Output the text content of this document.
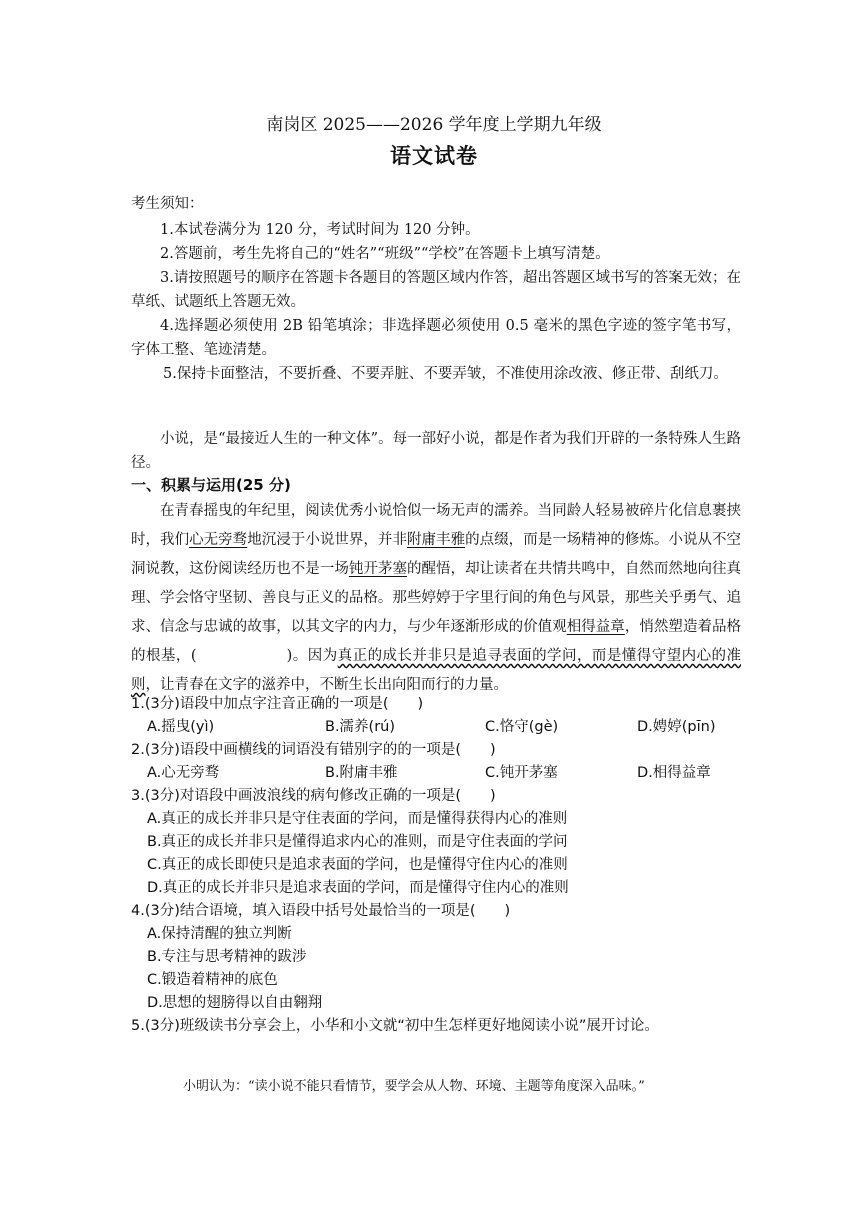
南岗区 2025——2026 学年度上学期九年级
语文试卷
考生须知：
1.本试卷满分为 120 分，考试时间为 120 分钟。
2.答题前，考生先将自己的“姓名”“班级”“学校”在答题卡上填写清楚。
3.请按照题号的顺序在答题卡各题目的答题区域内作答，超出答题区域书写的答案无效；在草纸、试题纸上答题无效。
4.选择题必须使用 2B 铅笔填涂；非选择题必须使用 0.5 毫米的黑色字迹的签字笔书写，字体工整、笔迹清楚。
5.保持卡面整洁，不要折叠、不要弄脏、不要弄皱，不准使用涂改液、修正带、刮纸刀。
小说，是“最接近人生的一种文体”。每一部好小说，都是作者为我们开辟的一条特殊人生路径。
一、积累与运用(25 分)
在青春摇曳的年纪里，阅读优秀小说恰似一场无声的濡养。当同龄人轻易被碎片化信息裹挟时，我们心无旁骛地沉浸于小说世界，并非附庸丰雅的点缀，而是一场精神的修炼。小说从不空洞说教，这份阅读经历也不是一场钝开茅塞的醒悟，却让读者在共情共鸣中，自然而然地向往真理、学会恪守坚韧、善良与正义的品格。那些婷婷于字里行间的角色与风景，那些关乎勇气、追求、信念与忠诚的故事，以其文字的内力，与少年逐渐形成的价值观相得益章，悄然塑造着品格的根基，(　　　　　　)。因为真正的成长并非只是追寻表面的学问，而是懂得守望内心的准则，让青春在文字的滋养中，不断生长出向阳而行的力量。
1.(3分)语段中加点字注音正确的一项是(　　)
A.摇曳(yì)	B.濡养(rú)	C.恪守(gè)	D.娉婷(pīn)
2.(3分)语段中画横线的词语没有错别字的的一项是(　　)
A.心无旁骛	B.附庸丰雅	C.钝开茅塞	D.相得益章
3.(3分)对语段中画波浪线的病句修改正确的一项是(　　)
A.真正的成长并非只是守住表面的学问，而是懂得获得内心的准则
B.真正的成长并非只是懂得追求内心的准则，而是守住表面的学问
C.真正的成长即使只是追求表面的学问，也是懂得守住内心的准则
D.真正的成长并非只是追求表面的学问，而是懂得守住内心的准则
4.(3分)结合语境，填入语段中括号处最恰当的一项是(　　)
A.保持清醒的独立判断
B.专注与思考精神的跋涉
C.锻造着精神的底色
D.思想的翅膀得以自由翱翔
5.(3分)班级读书分享会上，小华和小文就“初中生怎样更好地阅读小说”展开讨论。
小明认为：“读小说不能只看情节，要学会从人物、环境、主题等角度深入品味。”
